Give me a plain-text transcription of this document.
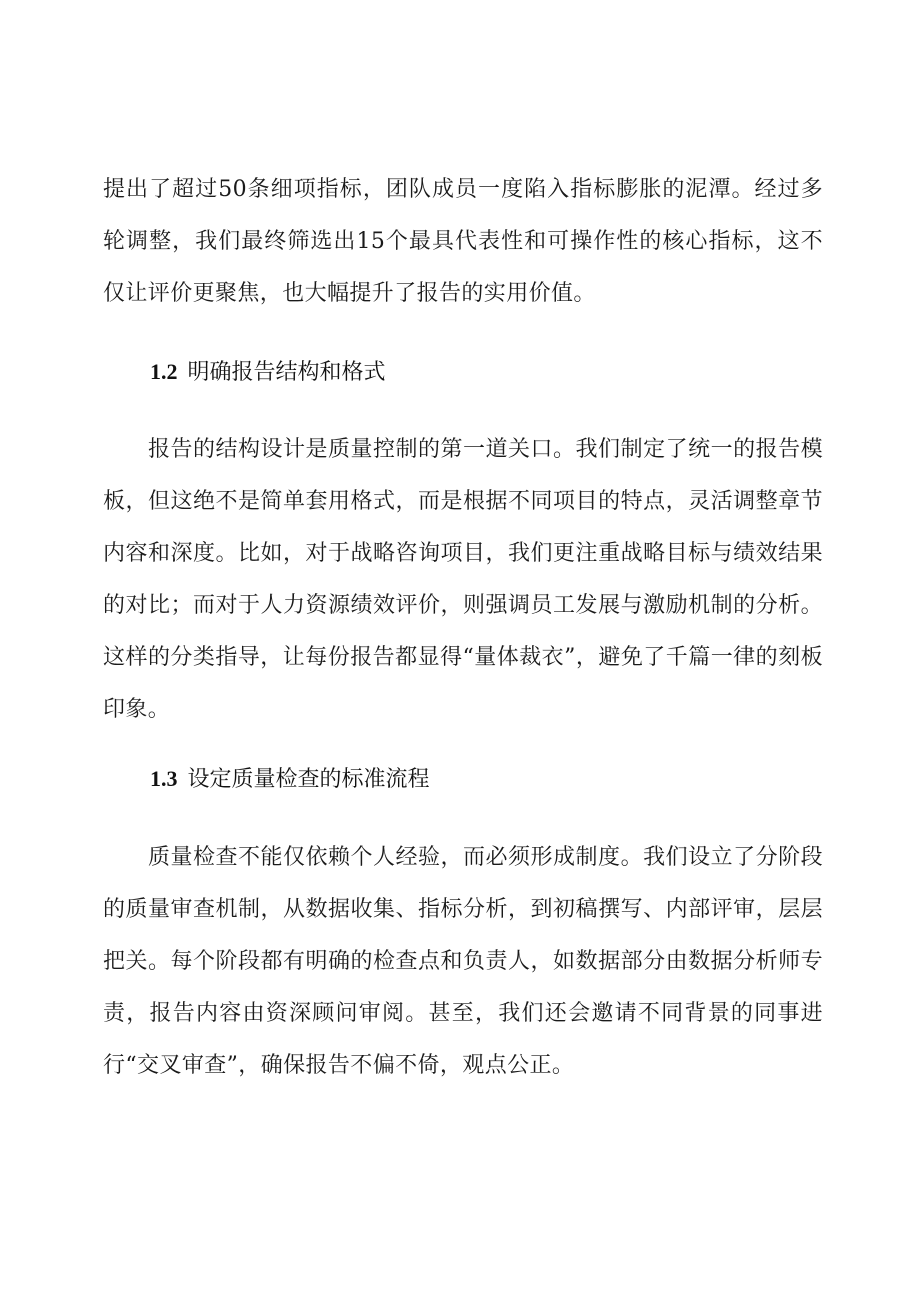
提出了超过50条细项指标，团队成员一度陷入指标膨胀的泥潭。经过多轮调整，我们最终筛选出15个最具代表性和可操作性的核心指标，这不仅让评价更聚焦，也大幅提升了报告的实用价值。

1.2 明确报告结构和格式

报告的结构设计是质量控制的第一道关口。我们制定了统一的报告模板，但这绝不是简单套用格式，而是根据不同项目的特点，灵活调整章节内容和深度。比如，对于战略咨询项目，我们更注重战略目标与绩效结果的对比；而对于人力资源绩效评价，则强调员工发展与激励机制的分析。这样的分类指导，让每份报告都显得“量体裁衣”，避免了千篇一律的刻板印象。

1.3 设定质量检查的标准流程

质量检查不能仅依赖个人经验，而必须形成制度。我们设立了分阶段的质量审查机制，从数据收集、指标分析，到初稿撰写、内部评审，层层把关。每个阶段都有明确的检查点和负责人，如数据部分由数据分析师专责，报告内容由资深顾问审阅。甚至，我们还会邀请不同背景的同事进行“交叉审查”，确保报告不偏不倚，观点公正。
